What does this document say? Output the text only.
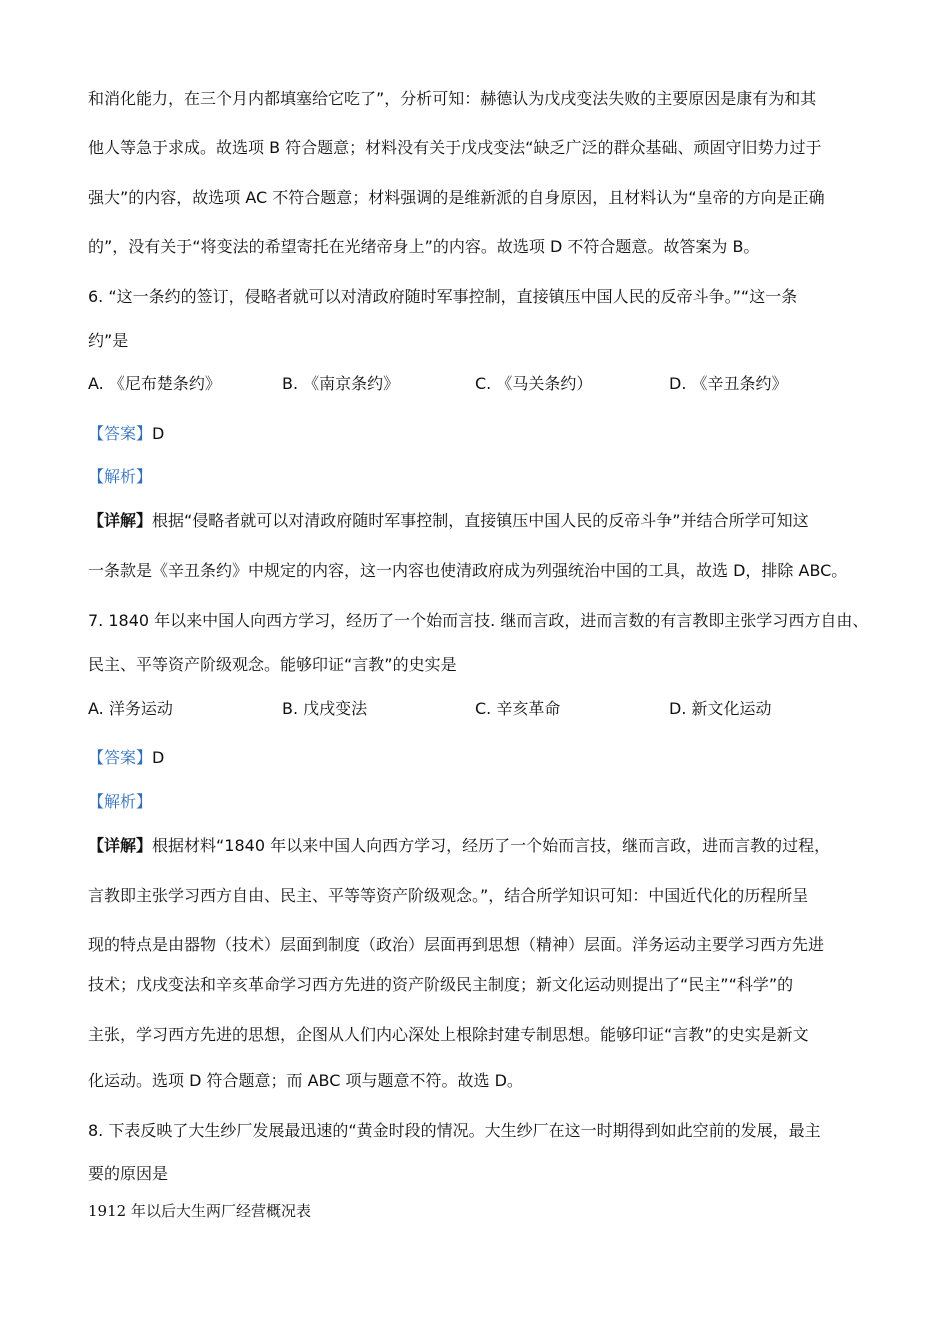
和消化能力，在三个月内都填塞给它吃了”，分析可知：赫德认为戊戌变法失败的主要原因是康有为和其
他人等急于求成。故选项 B 符合题意；材料没有关于戊戌变法“缺乏广泛的群众基础、顽固守旧势力过于
强大”的内容，故选项 AC 不符合题意；材料强调的是维新派的自身原因，且材料认为“皇帝的方向是正确
的”，没有关于“将变法的希望寄托在光绪帝身上”的内容。故选项 D 不符合题意。故答案为 B。
6. “这一条约的签订，侵略者就可以对清政府随时军事控制，直接镇压中国人民的反帝斗争。”“这一条
约”是
A. 《尼布楚条约》	B. 《南京条约》	C. 《马关条约）	D. 《辛丑条约》
【答案】D
【解析】
【详解】根据“侵略者就可以对清政府随时军事控制，直接镇压中国人民的反帝斗争”并结合所学可知这
一条款是《辛丑条约》中规定的内容，这一内容也使清政府成为列强统治中国的工具，故选 D，排除 ABC。
7. 1840 年以来中国人向西方学习，经历了一个始而言技. 继而言政，进而言数的有言教即主张学习西方自由、
民主、平等资产阶级观念。能够印证“言教”的史实是
A. 洋务运动	B. 戊戌变法	C. 辛亥革命	D. 新文化运动
【答案】D
【解析】
【详解】根据材料“1840 年以来中国人向西方学习，经历了一个始而言技，继而言政，进而言教的过程，
言教即主张学习西方自由、民主、平等等资产阶级观念。”，结合所学知识可知：中国近代化的历程所呈
现的特点是由器物（技术）层面到制度（政治）层面再到思想（精神）层面。洋务运动主要学习西方先进
技术；戊戌变法和辛亥革命学习西方先进的资产阶级民主制度；新文化运动则提出了“民主”“科学”的
主张，学习西方先进的思想，企图从人们内心深处上根除封建专制思想。能够印证“言教”的史实是新文
化运动。选项 D 符合题意；而 ABC 项与题意不符。故选 D。
8. 下表反映了大生纱厂发展最迅速的“黄金时段的情况。大生纱厂在这一时期得到如此空前的发展，最主
要的原因是
1912 年以后大生两厂经营概况表
